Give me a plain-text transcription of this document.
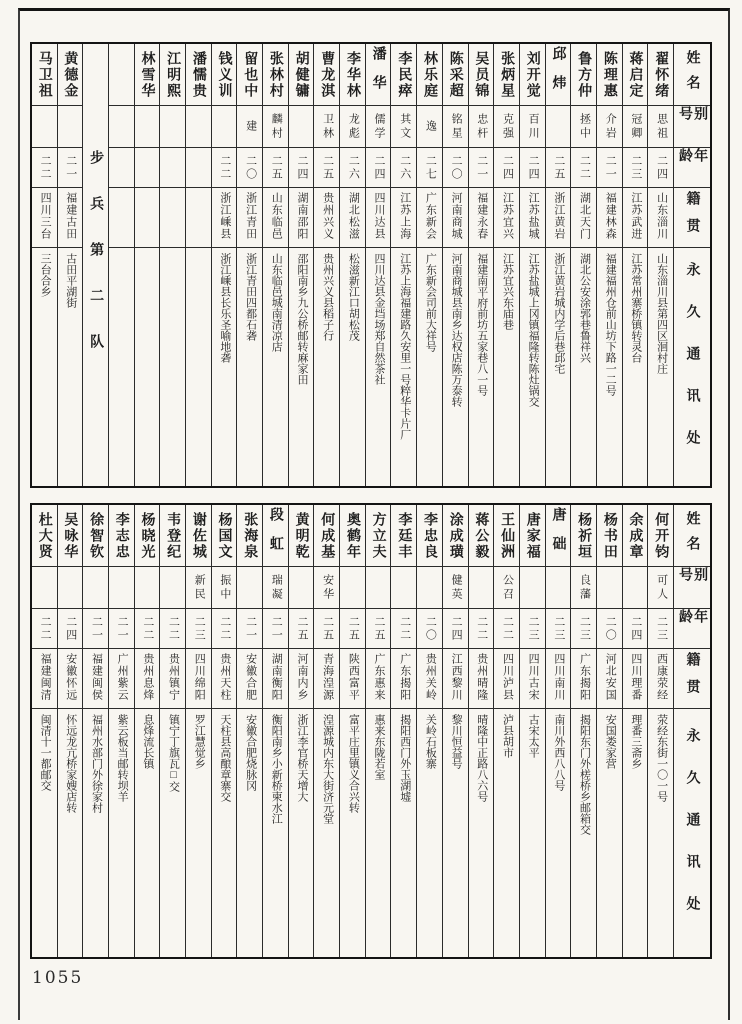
姓名
别号
年龄
籍贯
永久通讯处
翟怀绪
思祖
二四
山东淄川
山东淄川县第四区洄村庄
蒋启定
冠卿
二三
江苏武进
江苏常州寨桥镇转灵台
陈理惠
介岩
二一
福建林森
福建福州仓前山坊下路一二号
鲁方仲
拯中
二二
湖北天门
湖北公安涂郭巷鲁祥兴
邱炜
二五
浙江黄岩
浙江黄岩城内学后巷邱宅
刘开觉
百川
二四
江苏盐城
江苏盐城上冈镇福隆转陈灶锅交
张炳星
克强
二四
江苏宜兴
江苏宜兴东庙巷
吴员锦
忠杆
二一
福建永春
福建南平府前坊五家巷八一号
陈采超
铭星
二〇
河南商城
河南商城县南乡达权店陈万泰转
林乐庭
逸
二七
广东新会
广东新会司前大祥号
李民瘁
其文
二六
江苏上海
江苏上海福建路久安里一号粹华卡片厂
潘华
儒学
二四
四川达县
四川达县金垱场郑自然茶社
李华林
龙彪
二六
湖北松滋
松滋新江口胡松茂
曹龙淇
卫林
二五
贵州兴义
贵州兴义县稻子行
胡健镛
二四
湖南邵阳
邵阳南乡九公桥邮转麻家田
张林村
麟村
二五
山东临邑
山东临邑城南清凉店
留也中
建
二〇
浙江青田
浙江青田四都石砻
钱义训
二二
浙江嵊县
浙江嵊县长乐圣喻地砻
潘懦贵
江明熙
林雪华
步兵第二队
黄德金
二一
福建古田
古田平湖街
马卫祖
二二
四川三台
三台合乡
姓名
别号
年龄
籍贯
永久通讯处
何开钧
可人
二三
西康荥经
荥经东街一〇一号
余成章
二四
四川理番
理番三斋乡
杨书田
二〇
河北安国
安国娄家营
杨祈垣
良藩
二三
广东揭阳
揭阳东门外槎桥乡邮箱交
唐础
二三
四川南川
南川外西八八号
唐家福
二三
四川古宋
古宋太平
王仙洲
公召
二二
四川泸县
泸县胡市
蒋公毅
二二
贵州晴隆
晴隆中正路八六号
涂成璜
健英
二四
江西黎川
黎川恒益号
李忠良
二〇
贵州关岭
关岭石板寨
李廷丰
二二
广东揭阳
揭阳西门外玉湖墟
方立夫
二五
广东惠来
惠来东陇若室
奥鹤年
二五
陕西富平
富平庄里镇义合兴转
何成基
安华
二五
青海湟源
湟源城内东大街济元堂
黄明乾
二五
河南内乡
浙江李官桥天增大
段虹
瑞凝
二一
湖南衡阳
衡阳南乡小新桥柬水江
张海泉
二一
安徽合肥
安徽合肥烧脉冈
杨国文
振中
二二
贵州天柱
天柱县高酿章寨交
谢佐城
新民
二三
四川绵阳
罗江慧觉乡
韦登纪
二二
贵州镇宁
镇宁丁旗瓦□交
杨晓光
二二
贵州息烽
息烽流长镇
李志忠
二一
广州紫云
紫云板当邮转坝羊
徐智钦
二一
福建闽侯
福州水部门外徐家村
吴咏华
二四
安徽怀远
怀远龙亢桥家嫂店转
杜大贤
二二
福建闽清
闽清十一都邮交
1055
